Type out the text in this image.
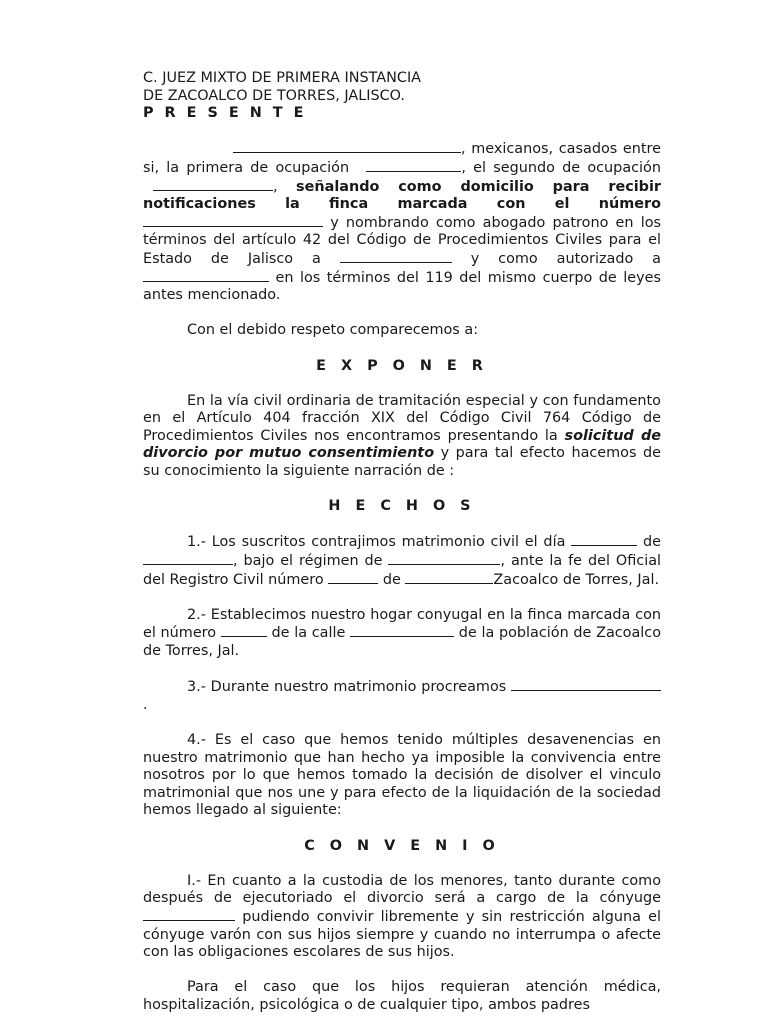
C. JUEZ MIXTO DE PRIMERA INSTANCIA

DE ZACOALCO DE TORRES, JALISCO.

P R E S E N T E

, mexicanos, casados entre si, la primera de ocupación	, el segundo de ocupación , señalando como domicilio para recibir notificaciones la finca marcada con el número  y nombrando como abogado patrono en los términos del artículo 42 del Código de Procedimientos Civiles para el Estado de Jalisco a	y como autorizado a  en los términos del 119 del mismo cuerpo de leyes antes mencionado.

Con el debido respeto comparecemos a:

E X P O N E R

En la vía civil ordinaria de tramitación especial y con fundamento en el Artículo 404 fracción XIX del Código Civil 764 Código de Procedimientos Civiles nos encontramos presentando la solicitud de divorcio por mutuo consentimiento y para tal efecto hacemos de su conocimiento la siguiente narración de :

H E C H O S

1.- Los suscritos contrajimos matrimonio civil el día	de , bajo el régimen de	, ante la fe del Oficial del Registro Civil número	de	Zacoalco de Torres, Jal.

2.- Establecimos nuestro hogar conyugal en la finca marcada con el número	de la calle	de la población de Zacoalco de Torres, Jal.

3.- Durante nuestro matrimonio procreamos .

4.- Es el caso que hemos tenido múltiples desavenencias en nuestro matrimonio que han hecho ya imposible la convivencia entre nosotros por lo que hemos tomado la decisión de disolver el vinculo matrimonial que nos une y para efecto de la liquidación de la sociedad hemos llegado al siguiente:

C O N V E N I O

I.- En cuanto a la custodia de los menores, tanto durante como después de ejecutoriado el divorcio será a cargo de la cónyuge  pudiendo convivir libremente y sin restricción alguna el cónyuge varón con sus hijos siempre y cuando no interrumpa o afecte con las obligaciones escolares de sus hijos.

Para el caso que los hijos requieran atención médica, hospitalización, psicológica o de cualquier tipo, ambos padres
